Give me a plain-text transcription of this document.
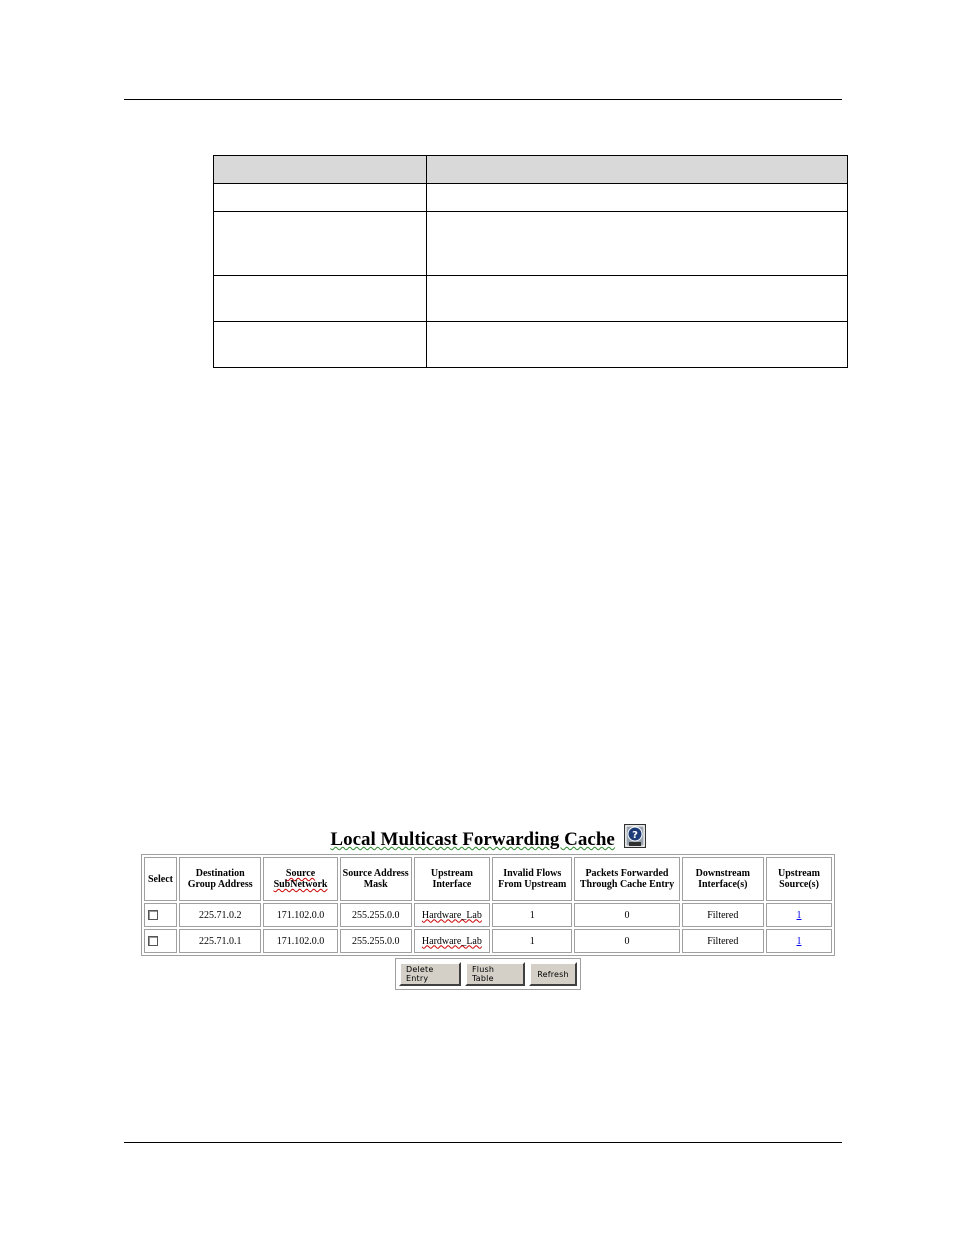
Local Multicast Forwarding Cache ?
Select	Destination Group Address	Source SubNetwork	Source Address Mask	Upstream Interface	Invalid Flows From Upstream	Packets Forwarded Through Cache Entry	Downstream Interface(s)	Upstream Source(s)
	225.71.0.2	171.102.0.0	255.255.0.0	Hardware_Lab	1	0	Filtered	1
	225.71.0.1	171.102.0.0	255.255.0.0	Hardware_Lab	1	0	Filtered	1
Delete Entry
Flush Table	Refresh
